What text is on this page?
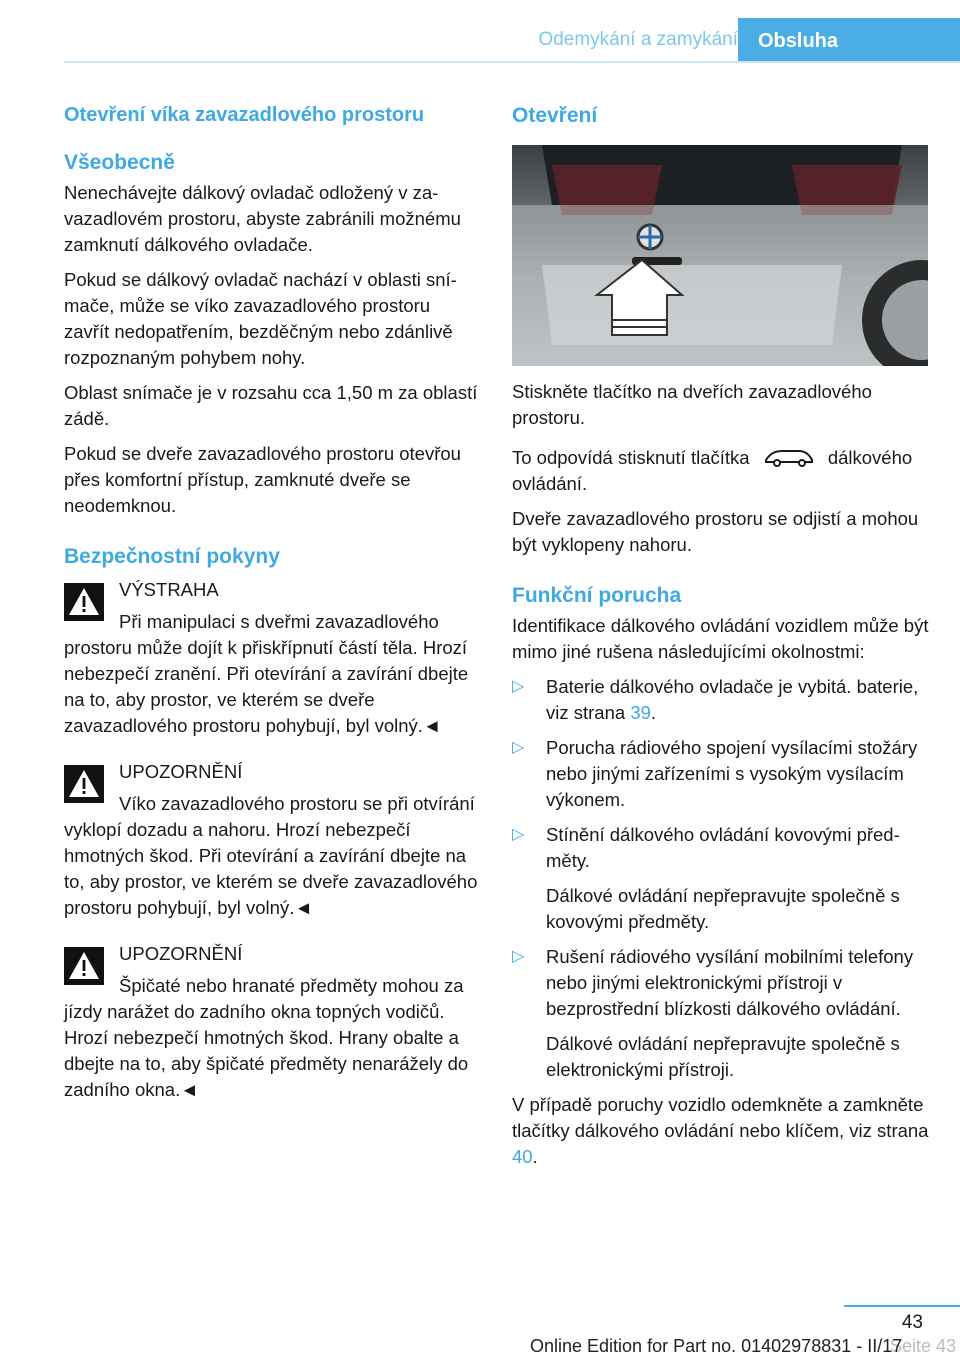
Odemykání a zamykání	Obsluha
Otevření víka zavazadlového prostoru
Všeobecně

Nenechávejte dálkový ovladač odložený v zavazadlovém prostoru, abyste zabránili možnému zamknutí dálkového ovladače.

Pokud se dálkový ovladač nachází v oblasti snímače, může se víko zavazadlového prostoru zavřít nedopatřením, bezděčným nebo zdánlivě rozpoznaným pohybem nohy.

Oblast snímače je v rozsahu cca 1,50 m za oblastí zádě.

Pokud se dveře zavazadlového prostoru otevřou přes komfortní přístup, zamknuté dveře se neodemknou.

Bezpečnostní pokyny
VÝSTRAHA

Při manipulaci s dveřmi zavazadlového prostoru může dojít k přiskřípnutí částí těla. Hrozí nebezpečí zranění. Při otevírání a zavírání dbejte na to, aby prostor, ve kterém se dveře zavazadlového prostoru pohybují, byl volný.◄

UPOZORNĚNÍ

Víko zavazadlového prostoru se při otvírání vyklopí dozadu a nahoru. Hrozí nebezpečí hmotných škod. Při otevírání a zavírání dbejte na to, aby prostor, ve kterém se dveře zavazadlového prostoru pohybují, byl volný.◄

UPOZORNĚNÍ

Špičaté nebo hranaté předměty mohou za jízdy narážet do zadního okna topných vodičů. Hrozí nebezpečí hmotných škod. Hrany obalte a dbejte na to, aby špičaté předměty nenarážely do zadního okna.◄

Otevření

Stiskněte tlačítko na dveřích zavazadlového prostoru.

To odpovídá stisknutí tlačítka	dálkového ovládání.

Dveře zavazadlového prostoru se odjistí a mohou být vyklopeny nahoru.

Funkční porucha

Identifikace dálkového ovládání vozidlem může být mimo jiné rušena následujícími okolnostmi:

▷ Baterie dálkového ovladače je vybitá. baterie, viz strana 39.

▷ Porucha rádiového spojení vysílacími stožáry nebo jinými zařízeními s vysokým vysílacím výkonem.

▷ Stínění dálkového ovládání kovovými předměty.

Dálkové ovládání nepřepravujte společně s kovovými předměty.

▷ Rušení rádiového vysílání mobilními telefony nebo jinými elektronickými přístroji v bezprostřední blízkosti dálkového ovládání.

Dálkové ovládání nepřepravujte společně s elektronickými přístroji.

V případě poruchy vozidlo odemkněte a zamkněte tlačítky dálkového ovládání nebo klíčem, viz strana 40.

43
Seite 43
Online Edition for Part no. 01402978831 - II/17
